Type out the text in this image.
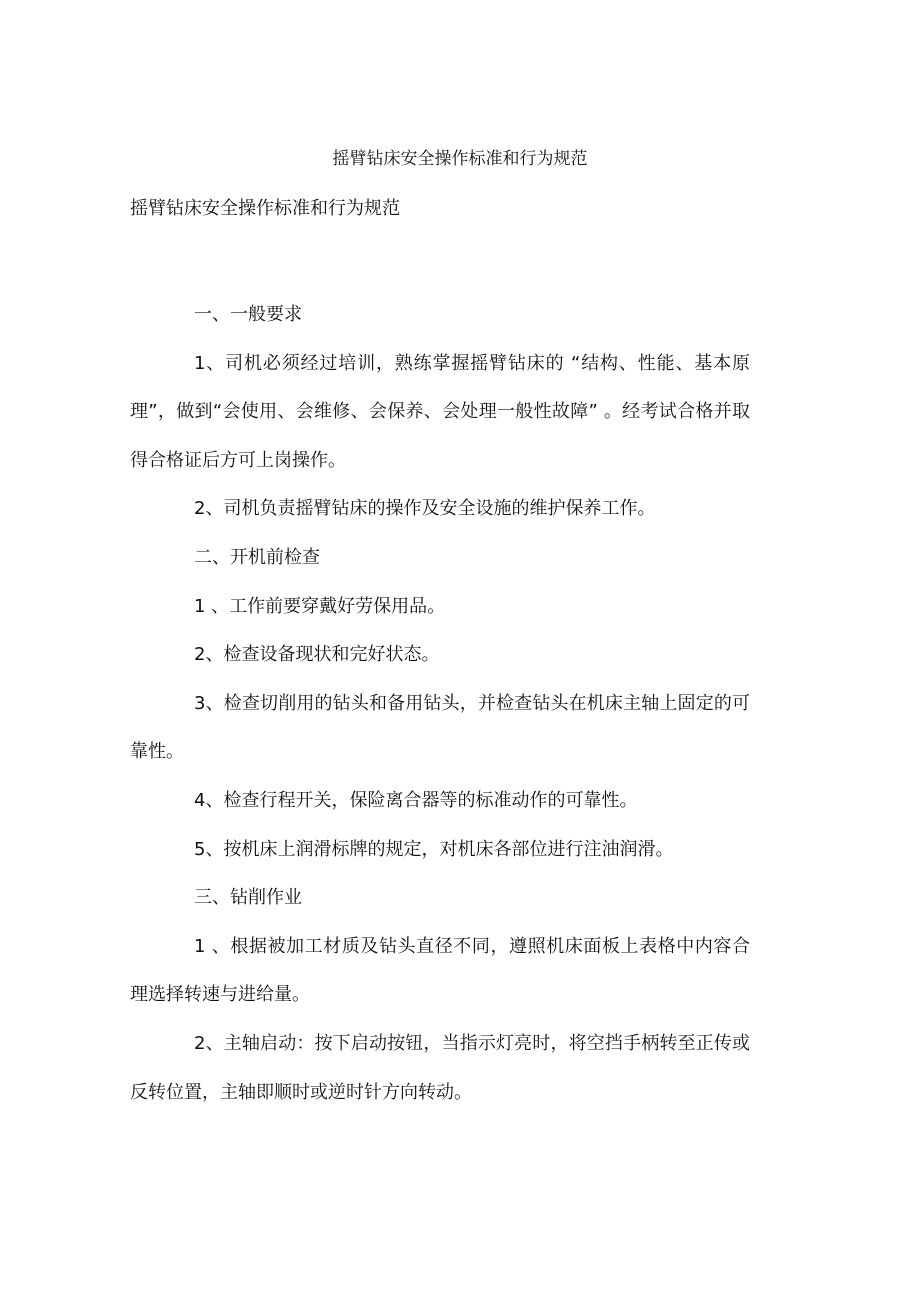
摇臂钻床安全操作标准和行为规范
摇臂钻床安全操作标准和行为规范

一、一般要求

1、司机必须经过培训，熟练掌握摇臂钻床的 “结构、性能、基本原理”，做到“会使用、会维修、会保养、会处理一般性故障” 。经考试合格并取得合格证后方可上岗操作。

2、司机负责摇臂钻床的操作及安全设施的维护保养工作。

二、开机前检查

1 、工作前要穿戴好劳保用品。

2、检查设备现状和完好状态。

3、检查切削用的钻头和备用钻头，并检查钻头在机床主轴上固定的可靠性。

4、检查行程开关，保险离合器等的标准动作的可靠性。

5、按机床上润滑标牌的规定，对机床各部位进行注油润滑。

三、钻削作业

1 、根据被加工材质及钻头直径不同，遵照机床面板上表格中内容合理选择转速与进给量。

2、主轴启动：按下启动按钮，当指示灯亮时，将空挡手柄转至正传或反转位置，主轴即顺时或逆时针方向转动。
